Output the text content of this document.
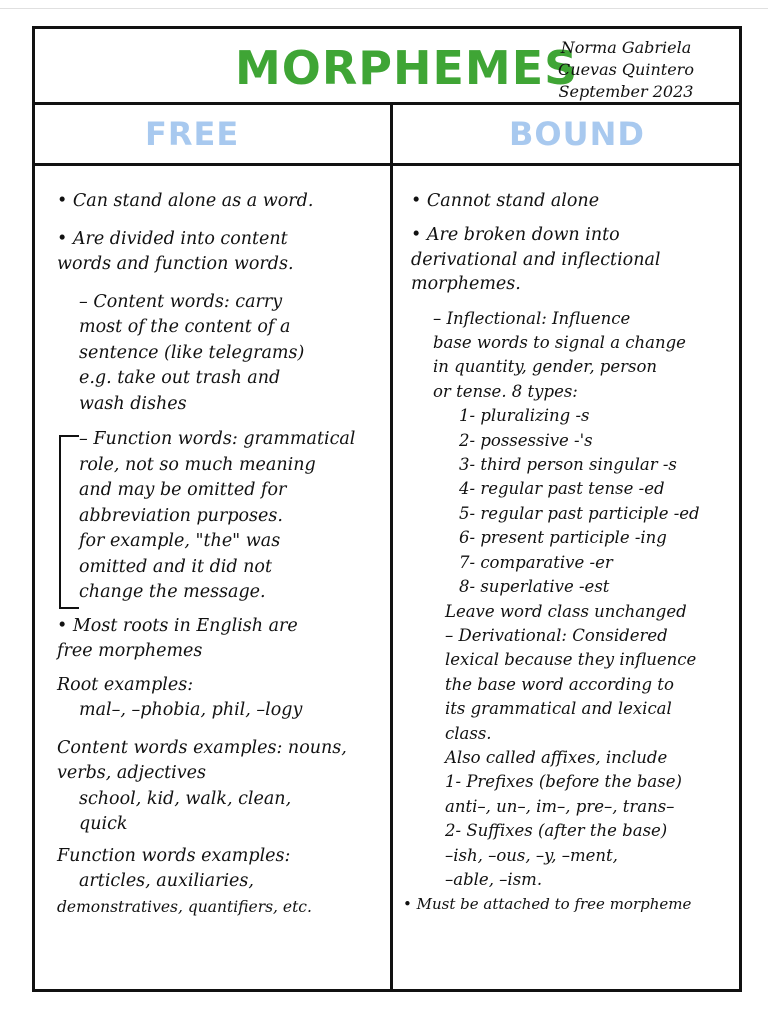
MORPHEMES
Norma Gabriela
Cuevas Quintero
September 2023
FREE	BOUND

• Can stand alone as a word.

• Are divided into content

words and function words.

– Content words: carry

most of the content of a

sentence (like telegrams)

e.g. take out trash and

wash dishes

– Function words: grammatical

role, not so much meaning

and may be omitted for

abbreviation purposes.

for example, "the" was

omitted and it did not

change the message.

• Most roots in English are

free morphemes

Root examples:

mal–, –phobia, phil, –logy

Content words examples: nouns,

verbs, adjectives

school, kid, walk, clean,

quick

Function words examples:

articles, auxiliaries,

demonstratives, quantifiers, etc.

• Cannot stand alone

• Are broken down into

derivational and inflectional

morphemes.

– Inflectional: Influence

base words to signal a change

in quantity, gender, person

or tense. 8 types:

1- pluralizing -s

2- possessive -'s

3- third person singular -s

4- regular past tense -ed

5- regular past participle -ed

6- present participle -ing

7- comparative -er

8- superlative -est

Leave word class unchanged

– Derivational: Considered

lexical because they influence

the base word according to

its grammatical and lexical

class.

Also called affixes, include

1- Prefixes (before the base)

anti–, un–, im–, pre–, trans–

2- Suffixes (after the base)

–ish, –ous, –y, –ment,

–able, –ism.

• Must be attached to free morpheme
